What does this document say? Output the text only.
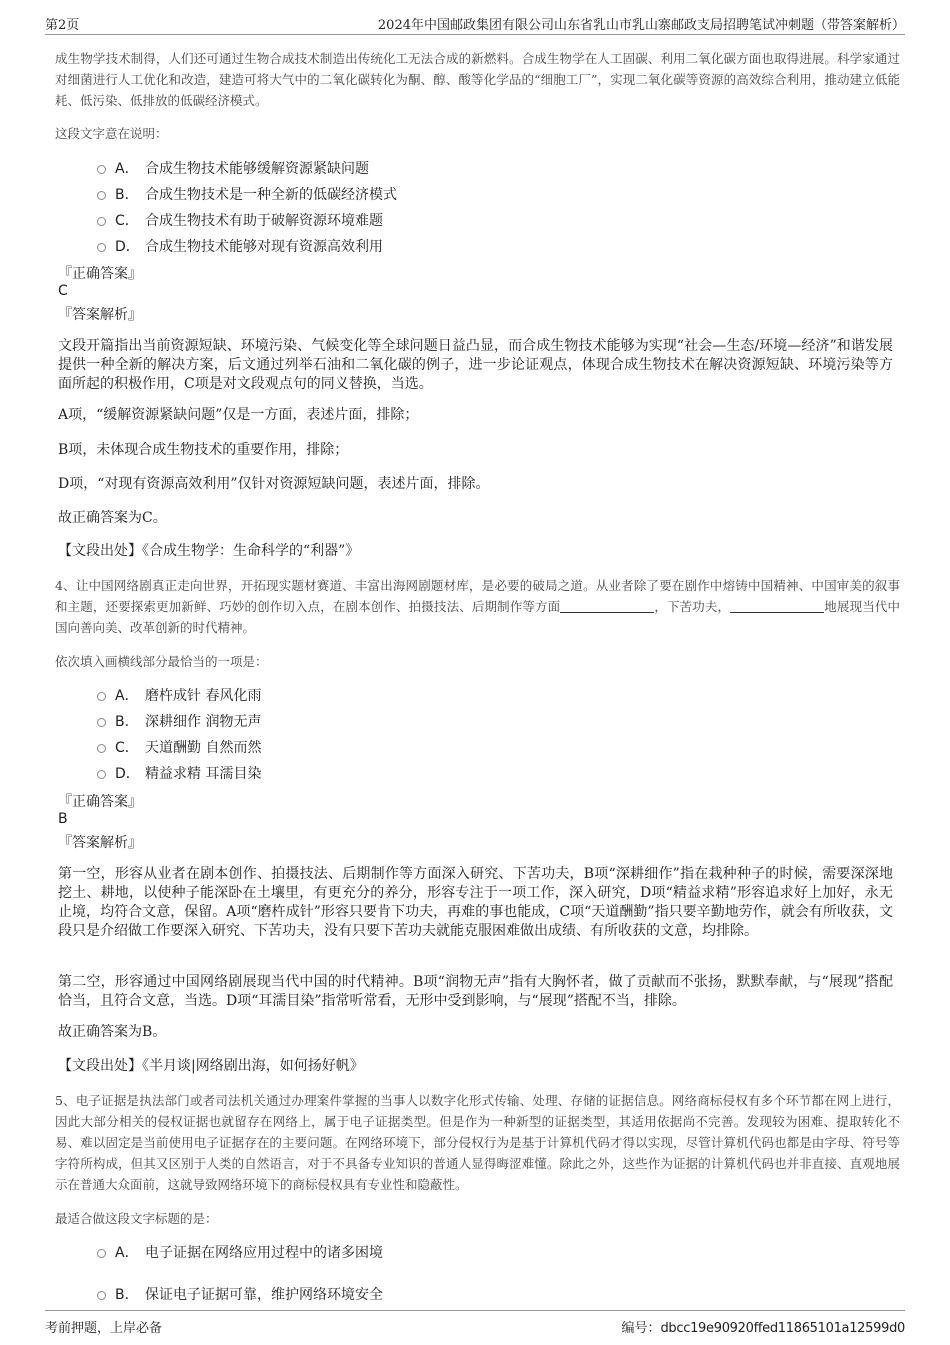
第2页	2024年中国邮政集团有限公司山东省乳山市乳山寨邮政支局招聘笔试冲刺题（带答案解析）

成生物学技术制得，人们还可通过生物合成技术制造出传统化工无法合成的新燃料。合成生物学在人工固碳、利用二氧化碳方面也取得进展。科学家通过对细菌进行人工优化和改造，建造可将大气中的二氧化碳转化为酮、醇、酸等化学品的“细胞工厂”，实现二氧化碳等资源的高效综合利用，推动建立低能耗、低污染、低排放的低碳经济模式。

这段文字意在说明：
A． 合成生物技术能够缓解资源紧缺问题
B． 合成生物技术是一种全新的低碳经济模式
C． 合成生物技术有助于破解资源环境难题
D． 合成生物技术能够对现有资源高效利用
『正确答案』
C
『答案解析』

文段开篇指出当前资源短缺、环境污染、气候变化等全球问题日益凸显，而合成生物技术能够为实现“社会—生态/环境—经济”和谐发展提供一种全新的解决方案，后文通过列举石油和二氧化碳的例子，进一步论证观点，体现合成生物技术在解决资源短缺、环境污染等方面所起的积极作用，C项是对文段观点句的同义替换，当选。

A项，“缓解资源紧缺问题”仅是一方面，表述片面，排除；

B项，未体现合成生物技术的重要作用，排除；

D项，“对现有资源高效利用”仅针对资源短缺问题，表述片面，排除。

故正确答案为C。

【文段出处】《合成生物学：生命科学的“利器”》

4、让中国网络剧真正走向世界，开拓现实题材赛道、丰富出海网剧题材库，是必要的破局之道。从业者除了要在剧作中熔铸中国精神、中国审美的叙事和主题，还要探索更加新鲜、巧妙的创作切入点，在剧本创作、拍摄技法、后期制作等方面	，下苦功夫，	地展现当代中国向善向美、改革创新的时代精神。

依次填入画横线部分最恰当的一项是：
A． 磨杵成针 春风化雨
B． 深耕细作 润物无声
C． 天道酬勤 自然而然
D． 精益求精 耳濡目染
『正确答案』
B
『答案解析』

第一空，形容从业者在剧本创作、拍摄技法、后期制作等方面深入研究、下苦功夫，B项“深耕细作”指在栽种种子的时候，需要深深地挖土、耕地，以使种子能深卧在土壤里，有更充分的养分，形容专注于一项工作，深入研究，D项“精益求精”形容追求好上加好，永无止境，均符合文意，保留。A项“磨杵成针”形容只要肯下功夫，再难的事也能成，C项“天道酬勤”指只要辛勤地劳作，就会有所收获，文段只是介绍做工作要深入研究、下苦功夫，没有只要下苦功夫就能克服困难做出成绩、有所收获的文意，均排除。

第二空，形容通过中国网络剧展现当代中国的时代精神。B项“润物无声”指有大胸怀者，做了贡献而不张扬，默默奉献，与“展现”搭配恰当，且符合文意，当选。D项“耳濡目染”指常听常看，无形中受到影响，与“展现”搭配不当，排除。

故正确答案为B。

【文段出处】《半月谈|网络剧出海，如何扬好帆》

5、电子证据是执法部门或者司法机关通过办理案件掌握的当事人以数字化形式传输、处理、存储的证据信息。网络商标侵权有多个环节都在网上进行，因此大部分相关的侵权证据也就留存在网络上，属于电子证据类型。但是作为一种新型的证据类型，其适用依据尚不完善。发现较为困难、提取转化不易、难以固定是当前使用电子证据存在的主要问题。在网络环境下，部分侵权行为是基于计算机代码才得以实现，尽管计算机代码也都是由字母、符号等字符所构成，但其又区别于人类的自然语言，对于不具备专业知识的普通人显得晦涩难懂。除此之外，这些作为证据的计算机代码也并非直接、直观地展示在普通大众面前，这就导致网络环境下的商标侵权具有专业性和隐蔽性。

最适合做这段文字标题的是：
A． 电子证据在网络应用过程中的诸多困境
B． 保证电子证据可靠，维护网络环境安全
考前押题，上岸必备	编号：dbcc19e90920ffed11865101a12599d0
